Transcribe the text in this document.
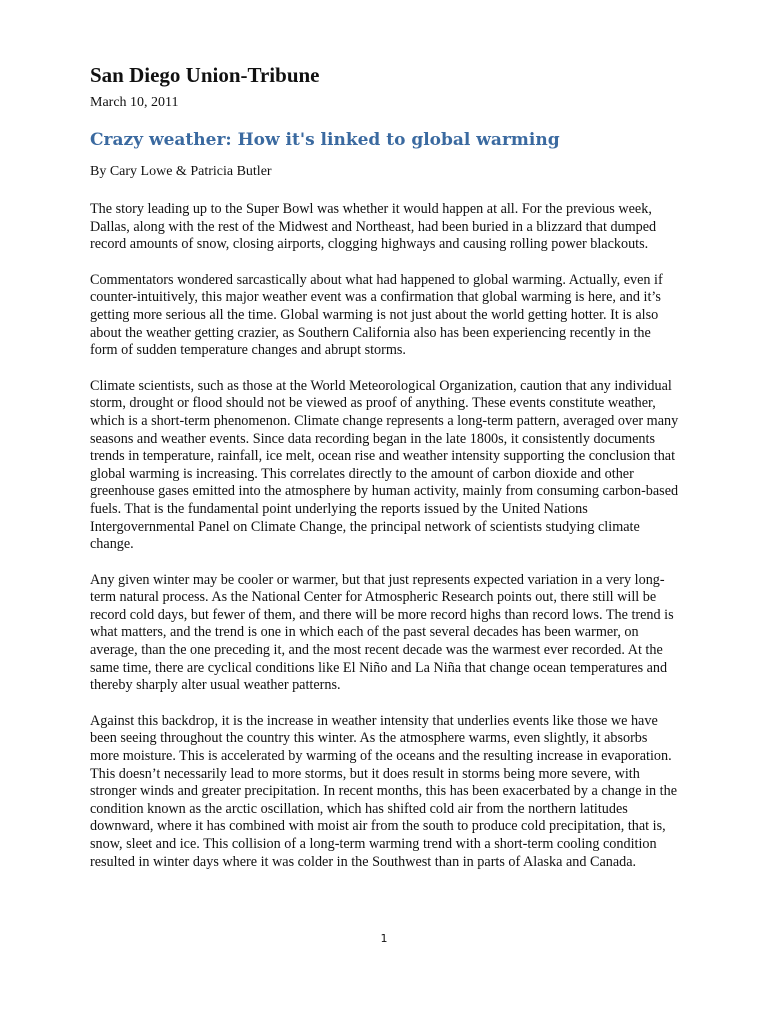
San Diego Union-Tribune

March 10, 2011

Crazy weather: How it's linked to global warming

By Cary Lowe & Patricia Butler

The story leading up to the Super Bowl was whether it would happen at all. For the previous week, Dallas, along with the rest of the Midwest and Northeast, had been buried in a blizzard that dumped record amounts of snow, closing airports, clogging highways and causing rolling power blackouts.

Commentators wondered sarcastically about what had happened to global warming. Actually, even if counter-intuitively, this major weather event was a confirmation that global warming is here, and it’s getting more serious all the time. Global warming is not just about the world getting hotter. It is also about the weather getting crazier, as Southern California also has been experiencing recently in the form of sudden temperature changes and abrupt storms.

Climate scientists, such as those at the World Meteorological Organization, caution that any individual storm, drought or flood should not be viewed as proof of anything. These events constitute weather, which is a short-term phenomenon. Climate change represents a long-term pattern, averaged over many seasons and weather events. Since data recording began in the late 1800s, it consistently documents trends in temperature, rainfall, ice melt, ocean rise and weather intensity supporting the conclusion that global warming is increasing. This correlates directly to the amount of carbon dioxide and other greenhouse gases emitted into the atmosphere by human activity, mainly from consuming carbon-based fuels. That is the fundamental point underlying the reports issued by the United Nations Intergovernmental Panel on Climate Change, the principal network of scientists studying climate change.

Any given winter may be cooler or warmer, but that just represents expected variation in a very long-term natural process. As the National Center for Atmospheric Research points out, there still will be record cold days, but fewer of them, and there will be more record highs than record lows. The trend is what matters, and the trend is one in which each of the past several decades has been warmer, on average, than the one preceding it, and the most recent decade was the warmest ever recorded. At the same time, there are cyclical conditions like El Niño and La Niña that change ocean temperatures and thereby sharply alter usual weather patterns.

Against this backdrop, it is the increase in weather intensity that underlies events like those we have been seeing throughout the country this winter. As the atmosphere warms, even slightly, it absorbs more moisture. This is accelerated by warming of the oceans and the resulting increase in evaporation. This doesn’t necessarily lead to more storms, but it does result in storms being more severe, with stronger winds and greater precipitation. In recent months, this has been exacerbated by a change in the condition known as the arctic oscillation, which has shifted cold air from the northern latitudes downward, where it has combined with moist air from the south to produce cold precipitation, that is, snow, sleet and ice. This collision of a long-term warming trend with a short-term cooling condition resulted in winter days where it was colder in the Southwest than in parts of Alaska and Canada.

1
